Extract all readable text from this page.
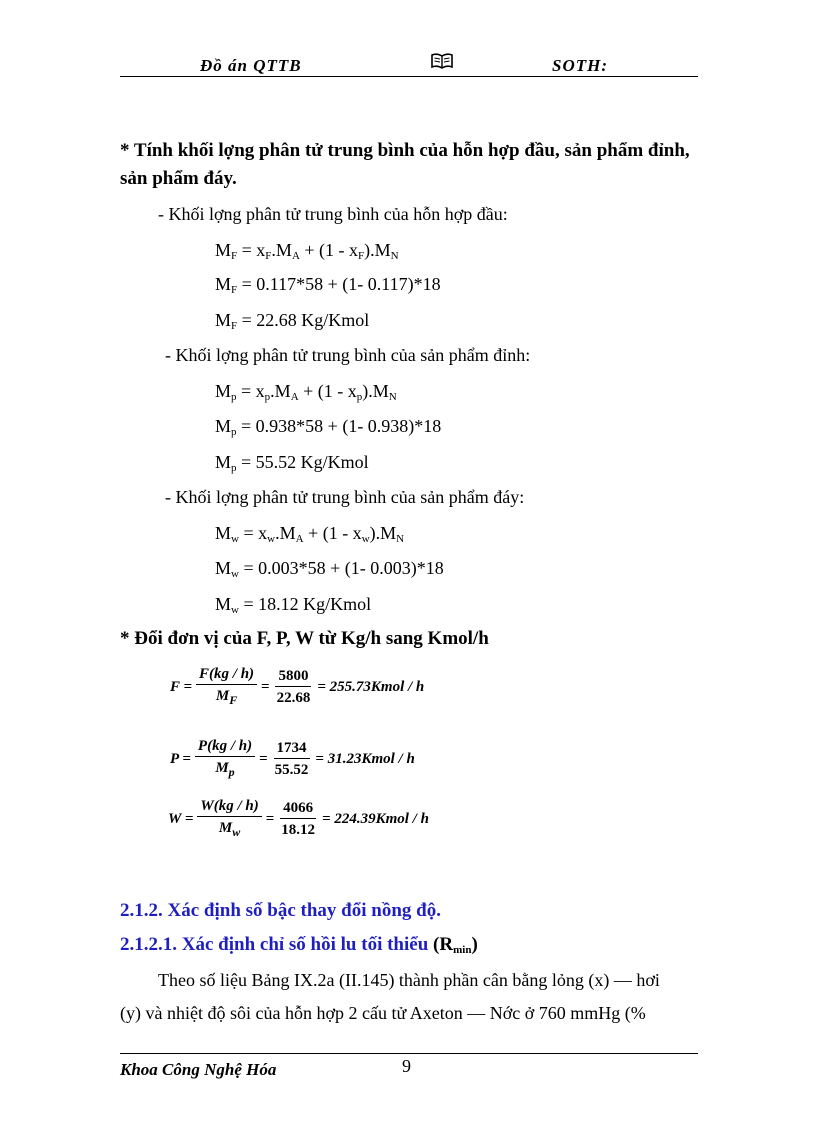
Đồ án QTTB	SOTH:
* Tính khối lợng phân tử trung bình của hỗn hợp đầu, sản phẩm đỉnh,
sản phẩm đáy.
- Khối lợng phân tử trung bình của hỗn hợp đầu:
MF = xF.MA + (1 - xF).MN
MF = 0.117*58 + (1- 0.117)*18
MF = 22.68 Kg/Kmol
- Khối lợng phân tử trung bình của sản phẩm đỉnh:
Mp = xp.MA + (1 - xp).MN
Mp = 0.938*58 + (1- 0.938)*18
Mp = 55.52 Kg/Kmol
- Khối lợng phân tử trung bình của sản phẩm đáy:
Mw = xw.MA + (1 - xw).MN
Mw = 0.003*58 + (1- 0.003)*18
Mw = 18.12 Kg/Kmol
* Đổi đơn vị của F, P, W từ Kg/h sang Kmol/h
$F = \frac{F(kg / h)}{M_F} = \frac{5800}{22.68}$ = 255.73Kmol / h
$P = \frac{P(kg / h)}{M_p} = \frac{1734}{55.52}$ = 31.23Kmol / h
$W = \frac{W(kg / h)}{M_w} = \frac{4066}{18.12}$ = 224.39Kmol / h
2.1.2. Xác định số bậc thay đổi nồng độ.
2.1.2.1. Xác định chỉ số hồi lu tối thiểu (Rmin)
Theo số liệu Bảng IX.2a (II.145) thành phần cân bằng lỏng (x) — hơi
(y) và nhiệt độ sôi của hỗn hợp 2 cấu tử Axeton — Nớc ở 760 mmHg (%
Khoa Công Nghệ Hóa	9
